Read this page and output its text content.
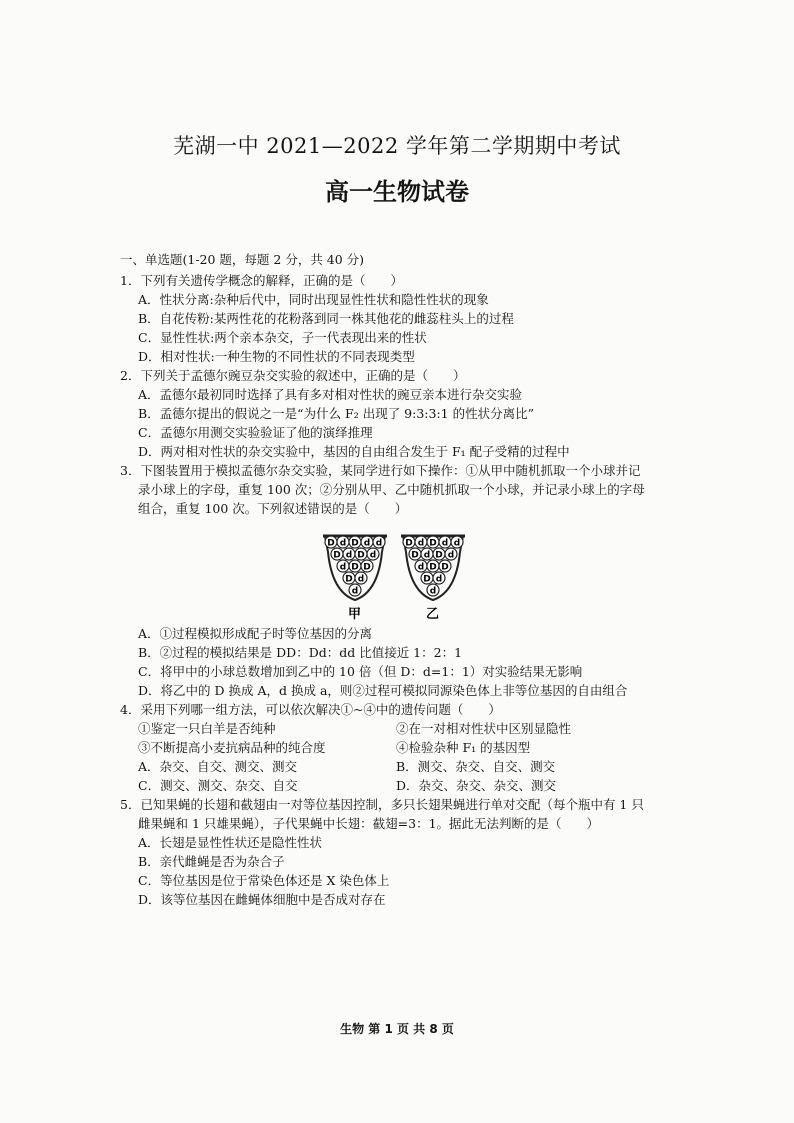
芜湖一中 2021—2022 学年第二学期期中考试
高一生物试卷
一、单选题(1-20 题，每题 2 分，共 40 分)
1．下列有关遗传学概念的解释，正确的是（　　）
A．性状分离:杂种后代中，同时出现显性性状和隐性性状的现象
B．自花传粉:某两性花的花粉落到同一株其他花的雌蕊柱头上的过程
C．显性性状:两个亲本杂交，子一代表现出来的性状
D．相对性状:一种生物的不同性状的不同表现类型
2．下列关于孟德尔豌豆杂交实验的叙述中，正确的是（　　）
A．孟德尔最初同时选择了具有多对相对性状的豌豆亲本进行杂交实验
B．孟德尔提出的假说之一是“为什么 F₂ 出现了 9:3:3:1 的性状分离比”
C．孟德尔用测交实验验证了他的演绎推理
D．两对相对性状的杂交实验中，基因的自由组合发生于 F₁ 配子受精的过程中
3．下图装置用于模拟孟德尔杂交实验，某同学进行如下操作：①从甲中随机抓取一个小球并记
录小球上的字母，重复 100 次；②分别从甲、乙中随机抓取一个小球，并记录小球上的字母
组合，重复 100 次。下列叙述错误的是（　　）
D d D d d
D d D d
d D D
D d
d
D d D d d
D d D d
d D D
D d
d
甲	乙
A．①过程模拟形成配子时等位基因的分离
B．②过程的模拟结果是 DD：Dd：dd 比值接近 1：2：1
C．将甲中的小球总数增加到乙中的 10 倍（但 D：d=1：1）对实验结果无影响
D．将乙中的 D 换成 A，d 换成 a，则②过程可模拟同源染色体上非等位基因的自由组合
4．采用下列哪一组方法，可以依次解决①~④中的遗传问题（　　）
①鉴定一只白羊是否纯种	②在一对相对性状中区别显隐性
③不断提高小麦抗病品种的纯合度	④检验杂种 F₁ 的基因型
A．杂交、自交、测交、测交	B．测交、杂交、自交、测交
C．测交、测交、杂交、自交	D．杂交、杂交、杂交、测交
5．已知果蝇的长翅和截翅由一对等位基因控制，多只长翅果蝇进行单对交配（每个瓶中有 1 只
雌果蝇和 1 只雄果蝇），子代果蝇中长翅：截翅=3：1。据此无法判断的是（　　）
A．长翅是显性性状还是隐性性状
B．亲代雌蝇是否为杂合子
C．等位基因是位于常染色体还是 X 染色体上
D．该等位基因在雌蝇体细胞中是否成对存在
生物 第 1 页 共 8 页
